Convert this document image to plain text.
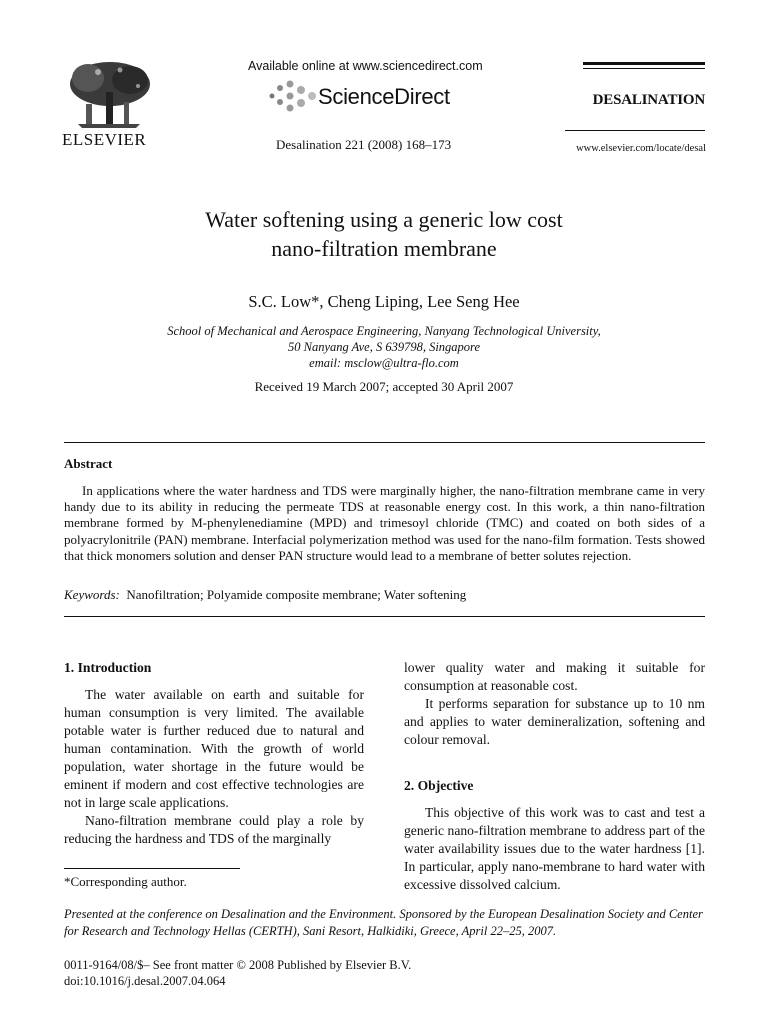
ELSEVIER
Available online at www.sciencedirect.com
ScienceDirect
Desalination 221 (2008) 168–173
DESALINATION
www.elsevier.com/locate/desal
Water softening using a generic low cost
nano-filtration membrane
S.C. Low*, Cheng Liping, Lee Seng Hee
School of Mechanical and Aerospace Engineering, Nanyang Technological University,
50 Nanyang Ave, S 639798, Singapore
email: msclow@ultra-flo.com
Received 19 March 2007; accepted 30 April 2007
Abstract
In applications where the water hardness and TDS were marginally higher, the nano-filtration membrane came in very handy due to its ability in reducing the permeate TDS at reasonable energy cost. In this work, a thin nano-filtration membrane formed by M-phenylenediamine (MPD) and trimesoyl chloride (TMC) and coated on both sides of a polyacrylonitrile (PAN) membrane. Interfacial polymerization method was used for the nano-film formation. Tests showed that thick monomers solution and denser PAN structure would lead to a membrane of better solutes rejection.
Keywords: Nanofiltration; Polyamide composite membrane; Water softening
1. Introduction

The water available on earth and suitable for human consumption is very limited. The available potable water is further reduced due to natural and human contamination. With the growth of world population, water shortage in the future would be eminent if modern and cost effective technologies are not in large scale applications.

Nano-filtration membrane could play a role by reducing the hardness and TDS of the marginally

lower quality water and making it suitable for consumption at reasonable cost.

It performs separation for substance up to 10 nm and applies to water demineralization, softening and colour removal.

2. Objective

This objective of this work was to cast and test a generic nano-filtration membrane to address part of the water availability issues due to the water hardness [1]. In particular, apply nano-membrane to hard water with excessive dissolved calcium.

*Corresponding author.
Presented at the conference on Desalination and the Environment. Sponsored by the European Desalination Society and Center for Research and Technology Hellas (CERTH), Sani Resort, Halkidiki, Greece, April 22–25, 2007.
0011-9164/08/$– See front matter © 2008 Published by Elsevier B.V.
doi:10.1016/j.desal.2007.04.064
